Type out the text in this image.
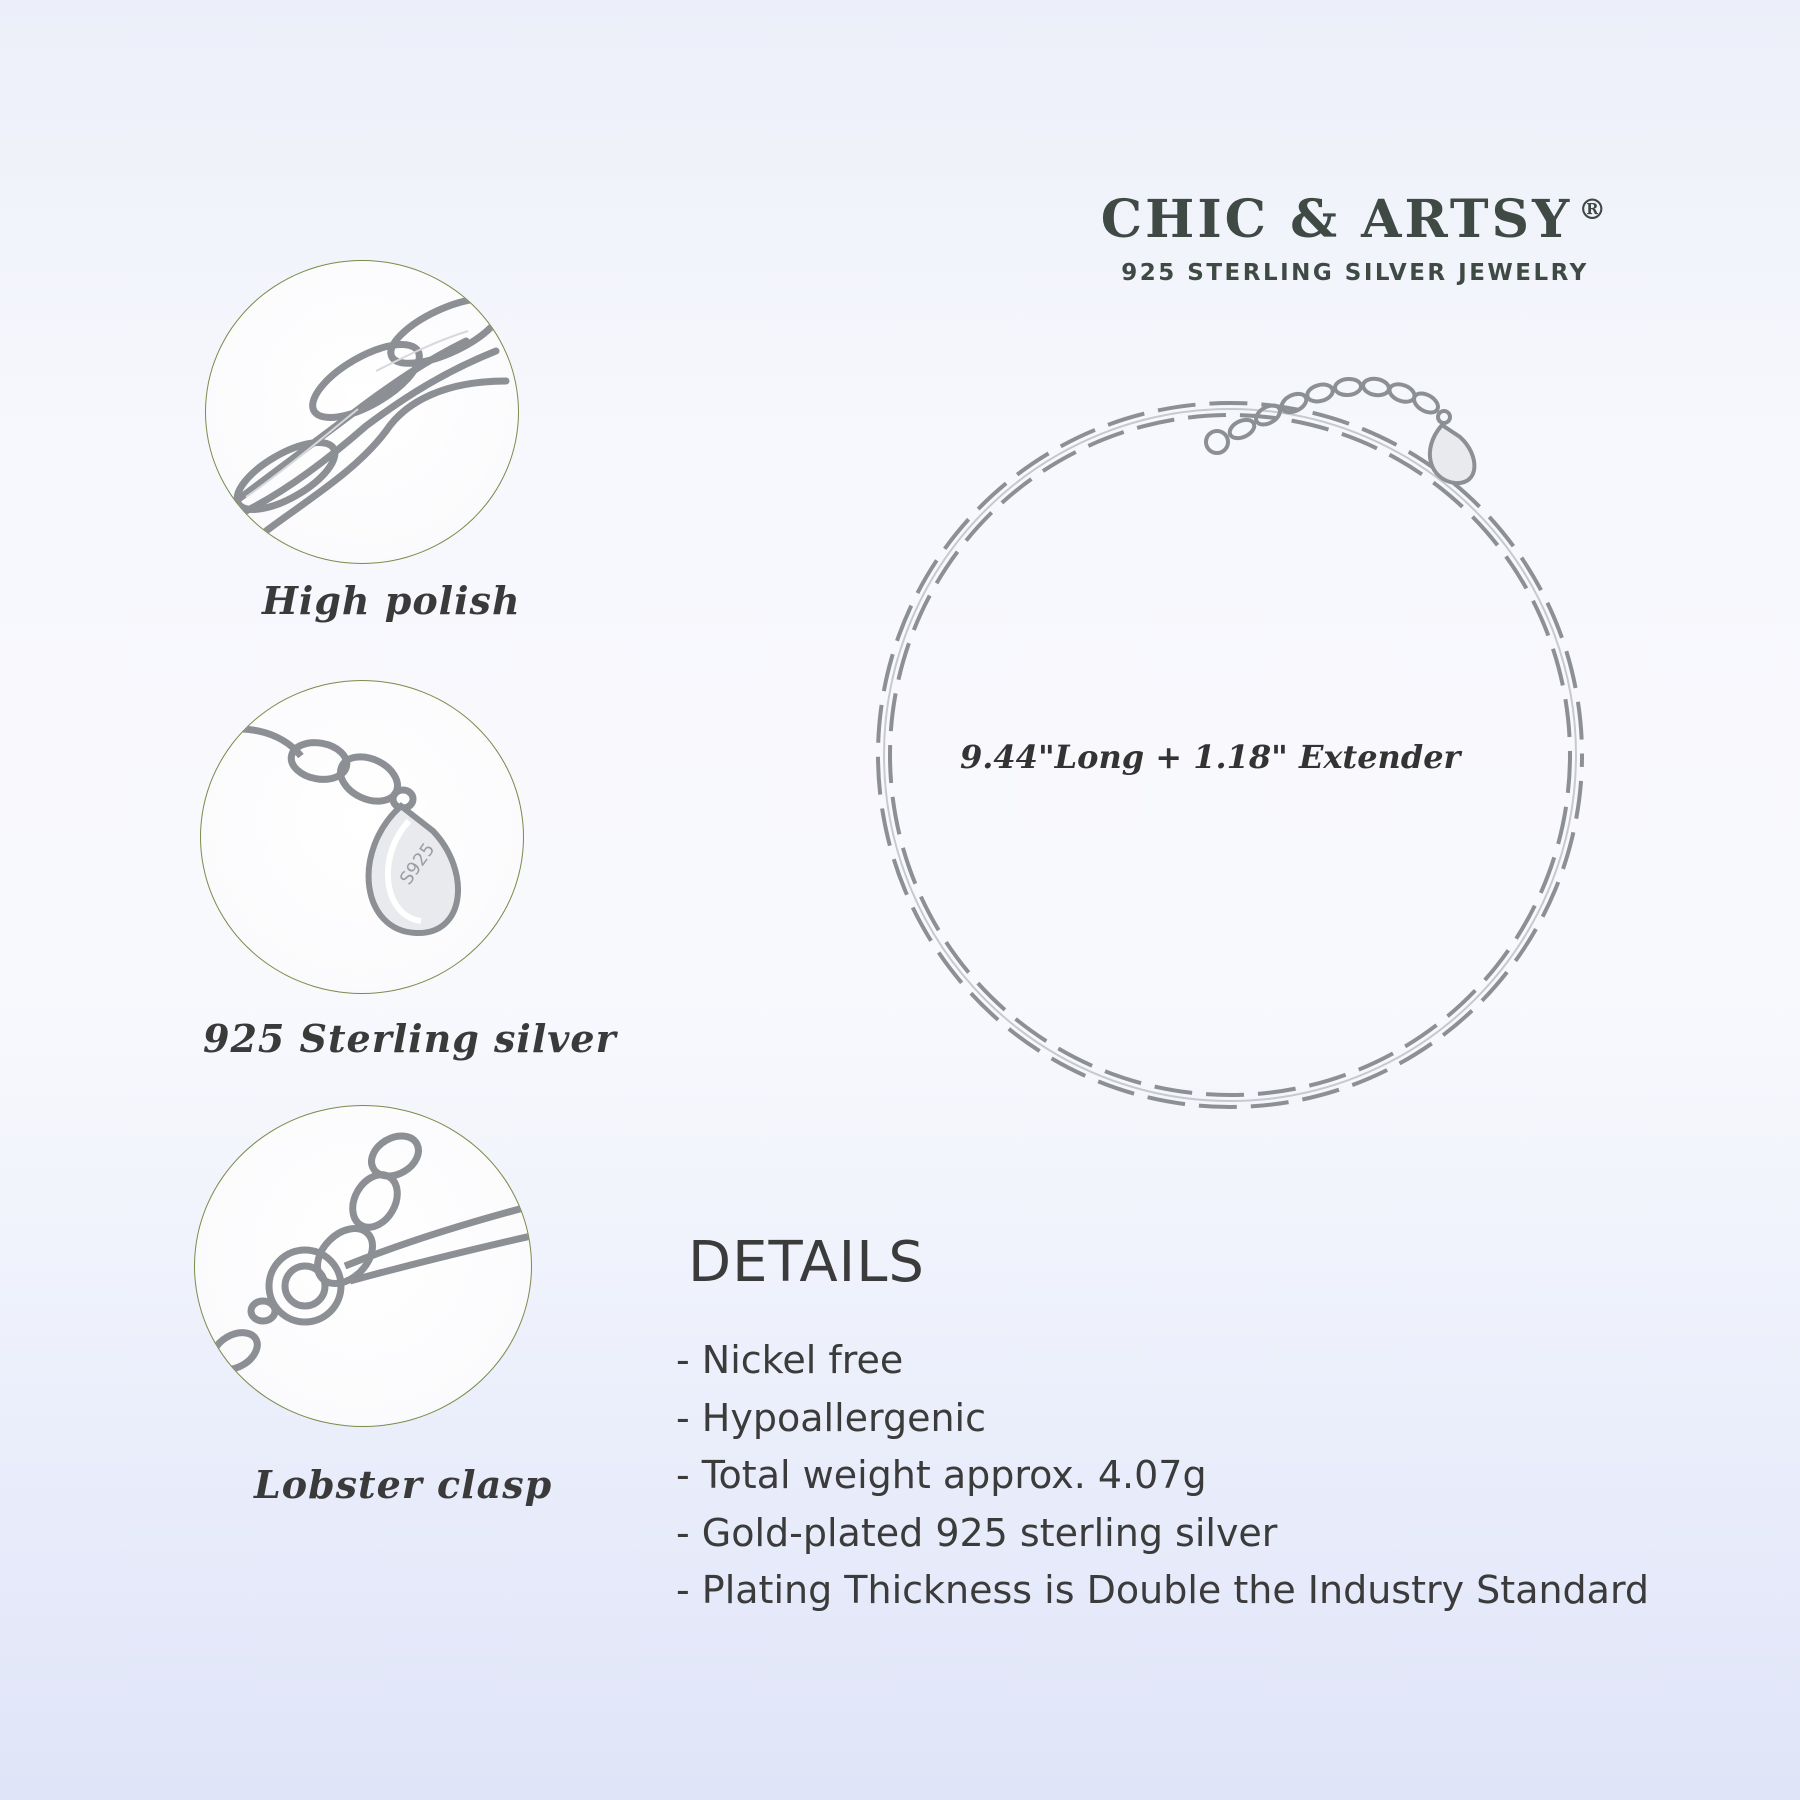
CHIC & ARTSY ®
925 STERLING SILVER JEWELRY
High polish
S925
925 Sterling silver
Lobster clasp
9.44"Long + 1.18" Extender
DETAILS
- Nickel free
- Hypoallergenic
- Total weight approx. 4.07g
- Gold-plated 925 sterling silver
- Plating Thickness is Double the Industry Standard
